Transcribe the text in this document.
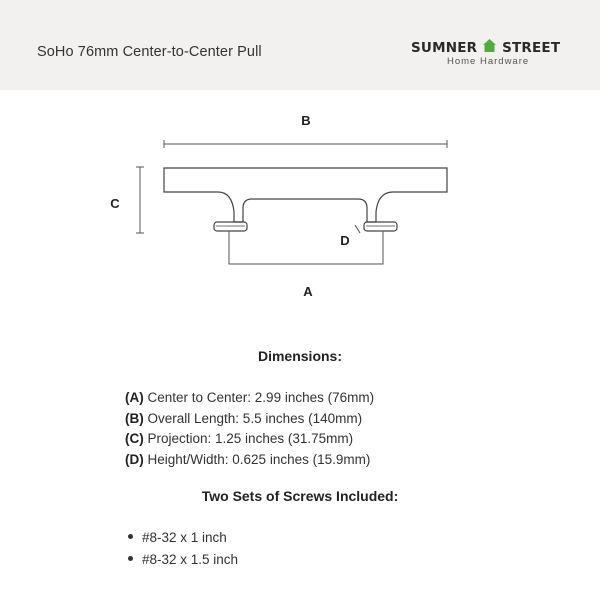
SoHo 76mm Center-to-Center Pull	SUMNER STREET
Home Hardware
B
C
D
A
Dimensions:
(A) Center to Center: 2.99 inches (76mm)
(B) Overall Length: 5.5 inches (140mm)
(C) Projection: 1.25 inches (31.75mm)
(D) Height/Width: 0.625 inches (15.9mm)
Two Sets of Screws Included:
#8-32 x 1 inch
#8-32 x 1.5 inch
